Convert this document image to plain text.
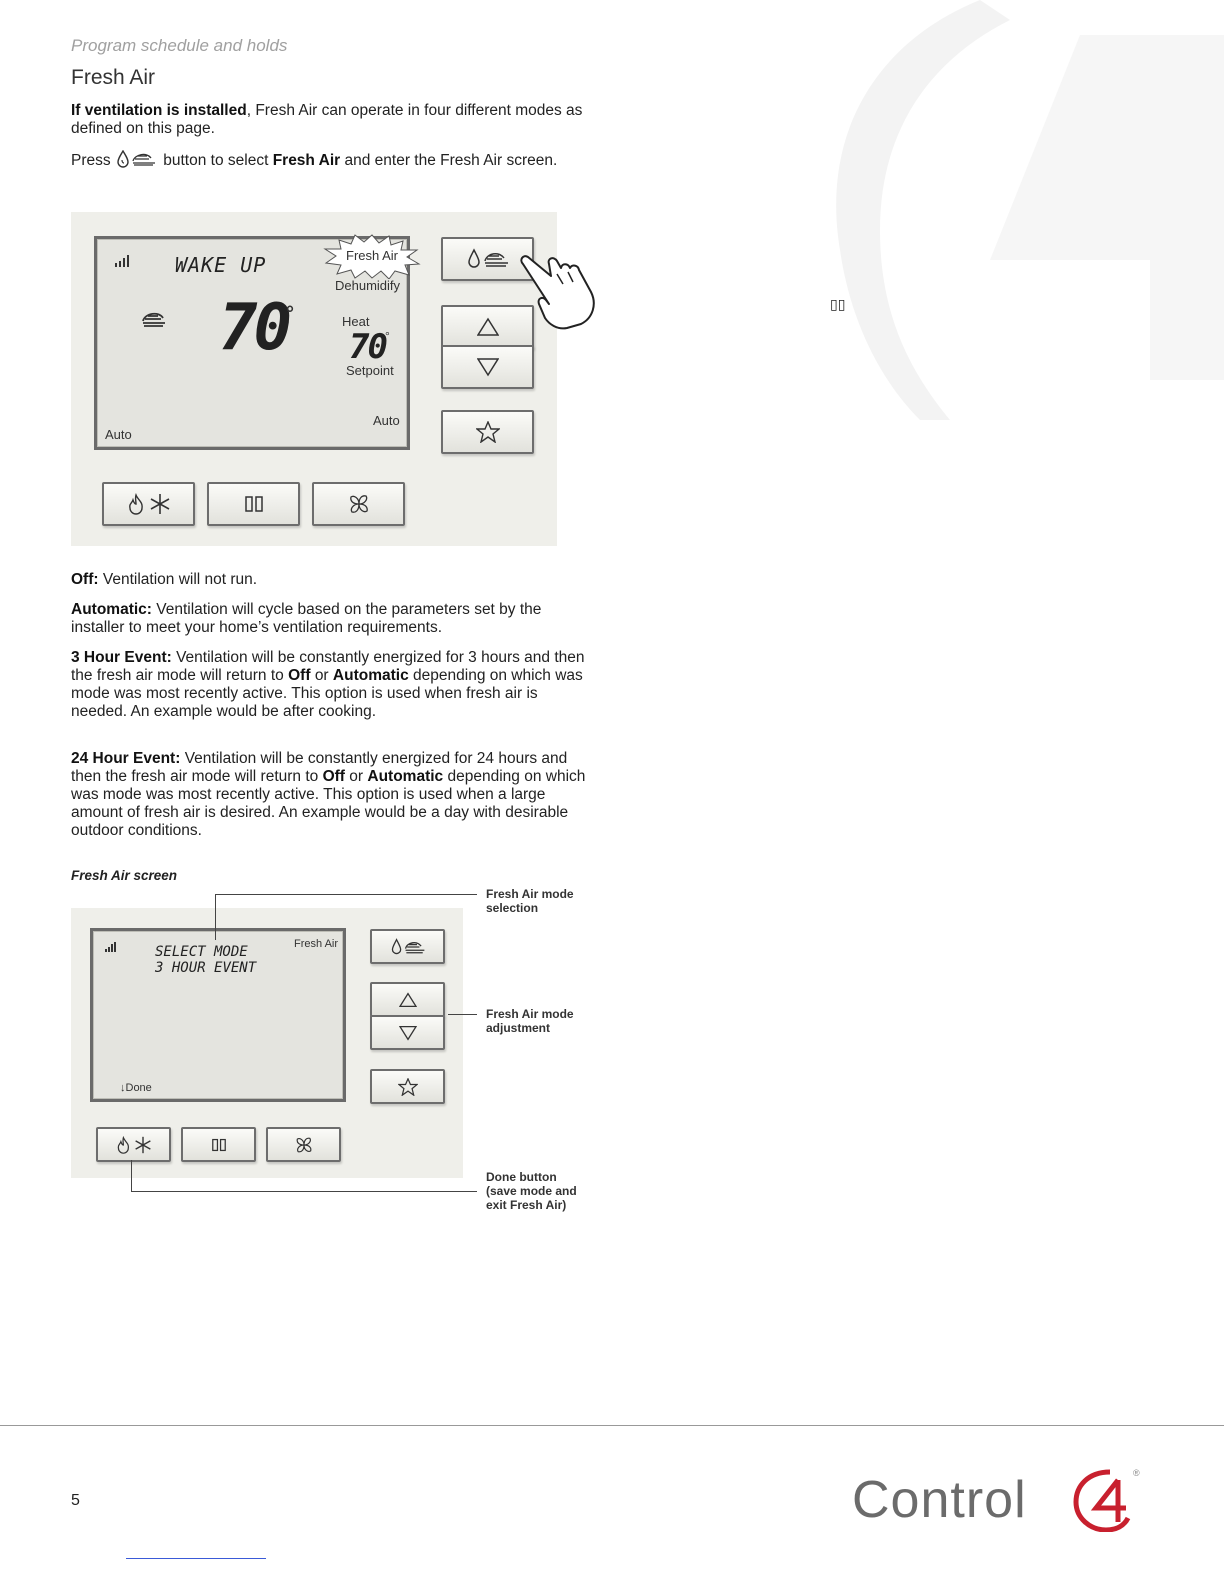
▯▯
Program schedule and holds
Fresh Air
If ventilation is installed, Fresh Air can operate in four different modes as defined on this page.
Press	button to select Fresh Air and enter the Fresh Air screen.
WAKE UP	Fresh Air
Dehumidify
70
°	Heat
70 °
Setpoint
Auto
Auto
Off: Ventilation will not run.
Automatic: Ventilation will cycle based on the parameters set by the installer to meet your home’s ventilation requirements.
3 Hour Event: Ventilation will be constantly energized for 3 hours and then the fresh air mode will return to Off or Automatic depending on which was mode was most recently active. This option is used when fresh air is needed. An example would be after cooking.
24 Hour Event: Ventilation will be constantly energized for 24 hours and then the fresh air mode will return to Off or Automatic depending on which was mode was most recently active. This option is used when a large amount of fresh air is desired. An example would be a day with desirable outdoor conditions.
Fresh Air screen
SELECT MODE
3 HOUR EVENT
Fresh Air
↓Done
Fresh Air mode selection
Fresh Air mode adjustment
Done button (save mode and exit Fresh Air)
5	Control	®
